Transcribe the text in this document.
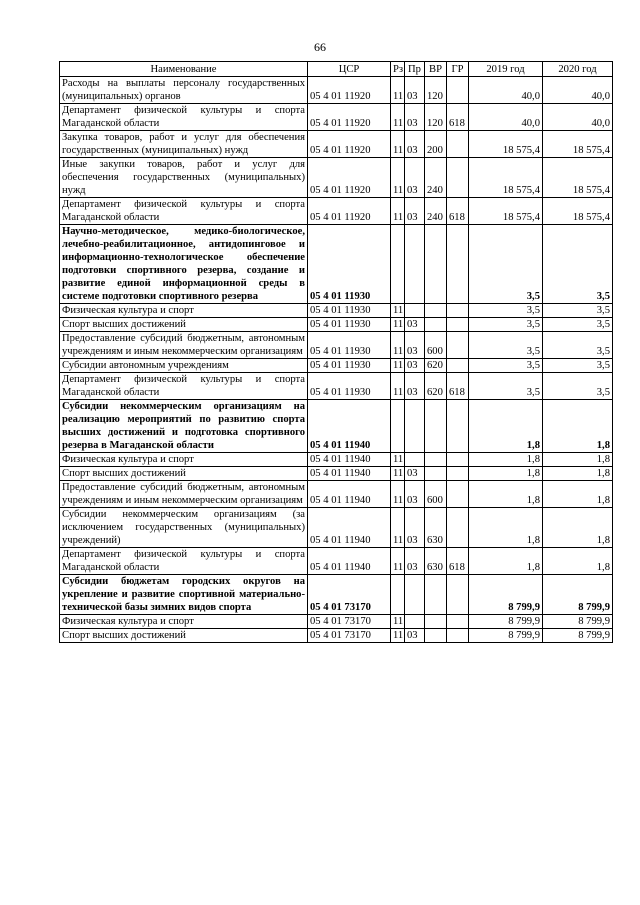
66
Наименование	ЦСР	Рз	Пр	ВР	ГР	2019 год	2020 год
Расходы на выплаты персоналу государственных (муниципальных) органов	05 4 01 11920	11	03	120		40,0	40,0
Департамент физической культуры и спорта Магаданской области	05 4 01 11920	11	03	120	618	40,0	40,0
Закупка товаров, работ и услуг для обеспечения государственных (муниципальных) нужд	05 4 01 11920	11	03	200		18 575,4	18 575,4
Иные закупки товаров, работ и услуг для обеспечения государственных (муниципальных) нужд	05 4 01 11920	11	03	240		18 575,4	18 575,4
Департамент физической культуры и спорта Магаданской области	05 4 01 11920	11	03	240	618	18 575,4	18 575,4
Научно-методическое, медико-биологическое, лечебно-реабилитационное, антидопинговое и информационно-технологическое обеспечение подготовки спортивного резерва, создание и развитие единой информационной среды в системе подготовки спортивного резерва	05 4 01 11930					3,5	3,5
Физическая культура и спорт	05 4 01 11930	11				3,5	3,5
Спорт высших достижений	05 4 01 11930	11	03			3,5	3,5
Предоставление субсидий бюджетным, автономным учреждениям и иным некоммерческим организациям	05 4 01 11930	11	03	600		3,5	3,5
Субсидии автономным учреждениям	05 4 01 11930	11	03	620		3,5	3,5
Департамент физической культуры и спорта Магаданской области	05 4 01 11930	11	03	620	618	3,5	3,5
Субсидии некоммерческим организациям на реализацию мероприятий по развитию спорта высших достижений и подготовка спортивного резерва в Магаданской области	05 4 01 11940					1,8	1,8
Физическая культура и спорт	05 4 01 11940	11				1,8	1,8
Спорт высших достижений	05 4 01 11940	11	03			1,8	1,8
Предоставление субсидий бюджетным, автономным учреждениям и иным некоммерческим организациям	05 4 01 11940	11	03	600		1,8	1,8
Субсидии некоммерческим организациям (за исключением государственных (муниципальных) учреждений)	05 4 01 11940	11	03	630		1,8	1,8
Департамент физической культуры и спорта Магаданской области	05 4 01 11940	11	03	630	618	1,8	1,8
Субсидии бюджетам городских округов на укрепление и развитие спортивной материально-технической базы зимних видов спорта	05 4 01 73170					8 799,9	8 799,9
Физическая культура и спорт	05 4 01 73170	11				8 799,9	8 799,9
Спорт высших достижений	05 4 01 73170	11	03			8 799,9	8 799,9
